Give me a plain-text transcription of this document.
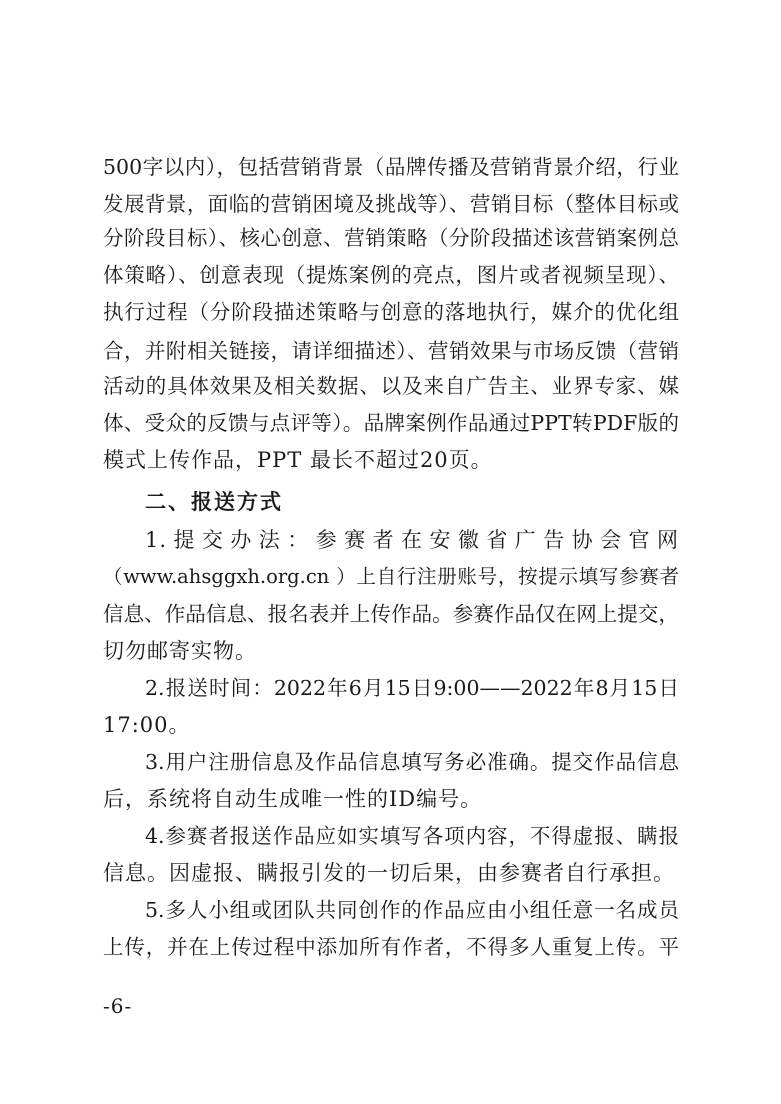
500字以内），包括营销背景（品牌传播及营销背景介绍，行业
发展背景，面临的营销困境及挑战等）、营销目标（整体目标或
分阶段目标）、核心创意、营销策略（分阶段描述该营销案例总
体策略）、创意表现（提炼案例的亮点，图片或者视频呈现）、
执行过程（分阶段描述策略与创意的落地执行，媒介的优化组
合，并附相关链接，请详细描述）、营销效果与市场反馈（营销
活动的具体效果及相关数据、以及来自广告主、业界专家、媒
体、受众的反馈与点评等）。品牌案例作品通过PPT转PDF版的
模式上传作品，PPT 最长不超过20页。
二、报送方式
1.提交办法：参赛者在安徽省广告协会官网
（www.ahsggxh.org.cn ）上自行注册账号，按提示填写参赛者
信息、作品信息、报名表并上传作品。参赛作品仅在网上提交，
切勿邮寄实物。
2.报送时间：2022年6月15日9:00——2022年8月15日
17:00。
3.用户注册信息及作品信息填写务必准确。提交作品信息
后，系统将自动生成唯一性的ID编号。
4.参赛者报送作品应如实填写各项内容，不得虚报、瞒报
信息。因虚报、瞒报引发的一切后果，由参赛者自行承担。
5.多人小组或团队共同创作的作品应由小组任意一名成员
上传，并在上传过程中添加所有作者，不得多人重复上传。平
-6-
